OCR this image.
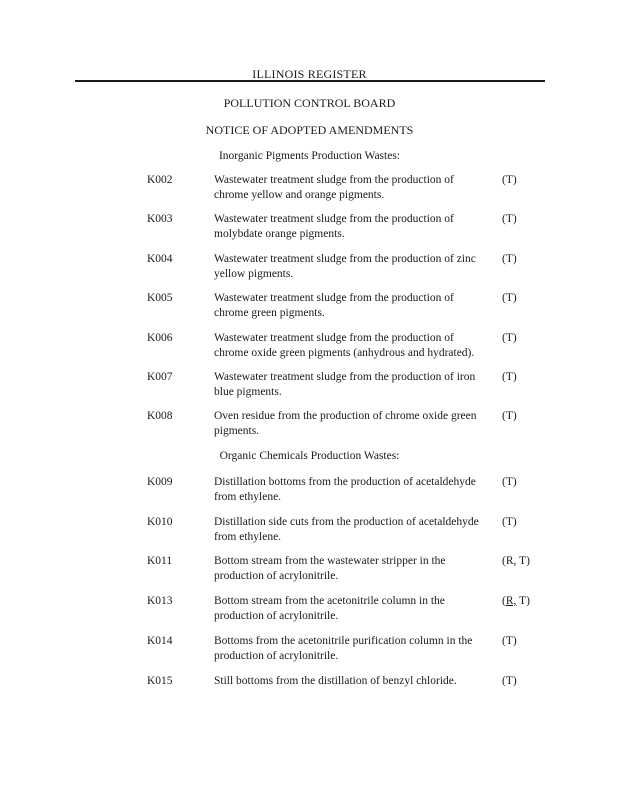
ILLINOIS REGISTER
POLLUTION CONTROL BOARD
NOTICE OF ADOPTED AMENDMENTS
Inorganic Pigments Production Wastes:
K002	Wastewater treatment sludge from the production of
chrome yellow and orange pigments.
(T)
K003	Wastewater treatment sludge from the production of
molybdate orange pigments.
(T)
K004	Wastewater treatment sludge from the production of zinc
yellow pigments.
(T)
K005	Wastewater treatment sludge from the production of
chrome green pigments.
(T)
K006	Wastewater treatment sludge from the production of
chrome oxide green pigments (anhydrous and hydrated).
(T)
K007	Wastewater treatment sludge from the production of iron
blue pigments.
(T)
K008	Oven residue from the production of chrome oxide green
pigments.
(T)
Organic Chemicals Production Wastes:
K009	Distillation bottoms from the production of acetaldehyde
from ethylene.
(T)
K010	Distillation side cuts from the production of acetaldehyde
from ethylene.
(T)
K011	Bottom stream from the wastewater stripper in the
production of acrylonitrile.
(R, T)
K013	Bottom stream from the acetonitrile column in the
production of acrylonitrile.
(R, T)
K014	Bottoms from the acetonitrile purification column in the
production of acrylonitrile.
(T)
K015	Still bottoms from the distillation of benzyl chloride.	(T)
